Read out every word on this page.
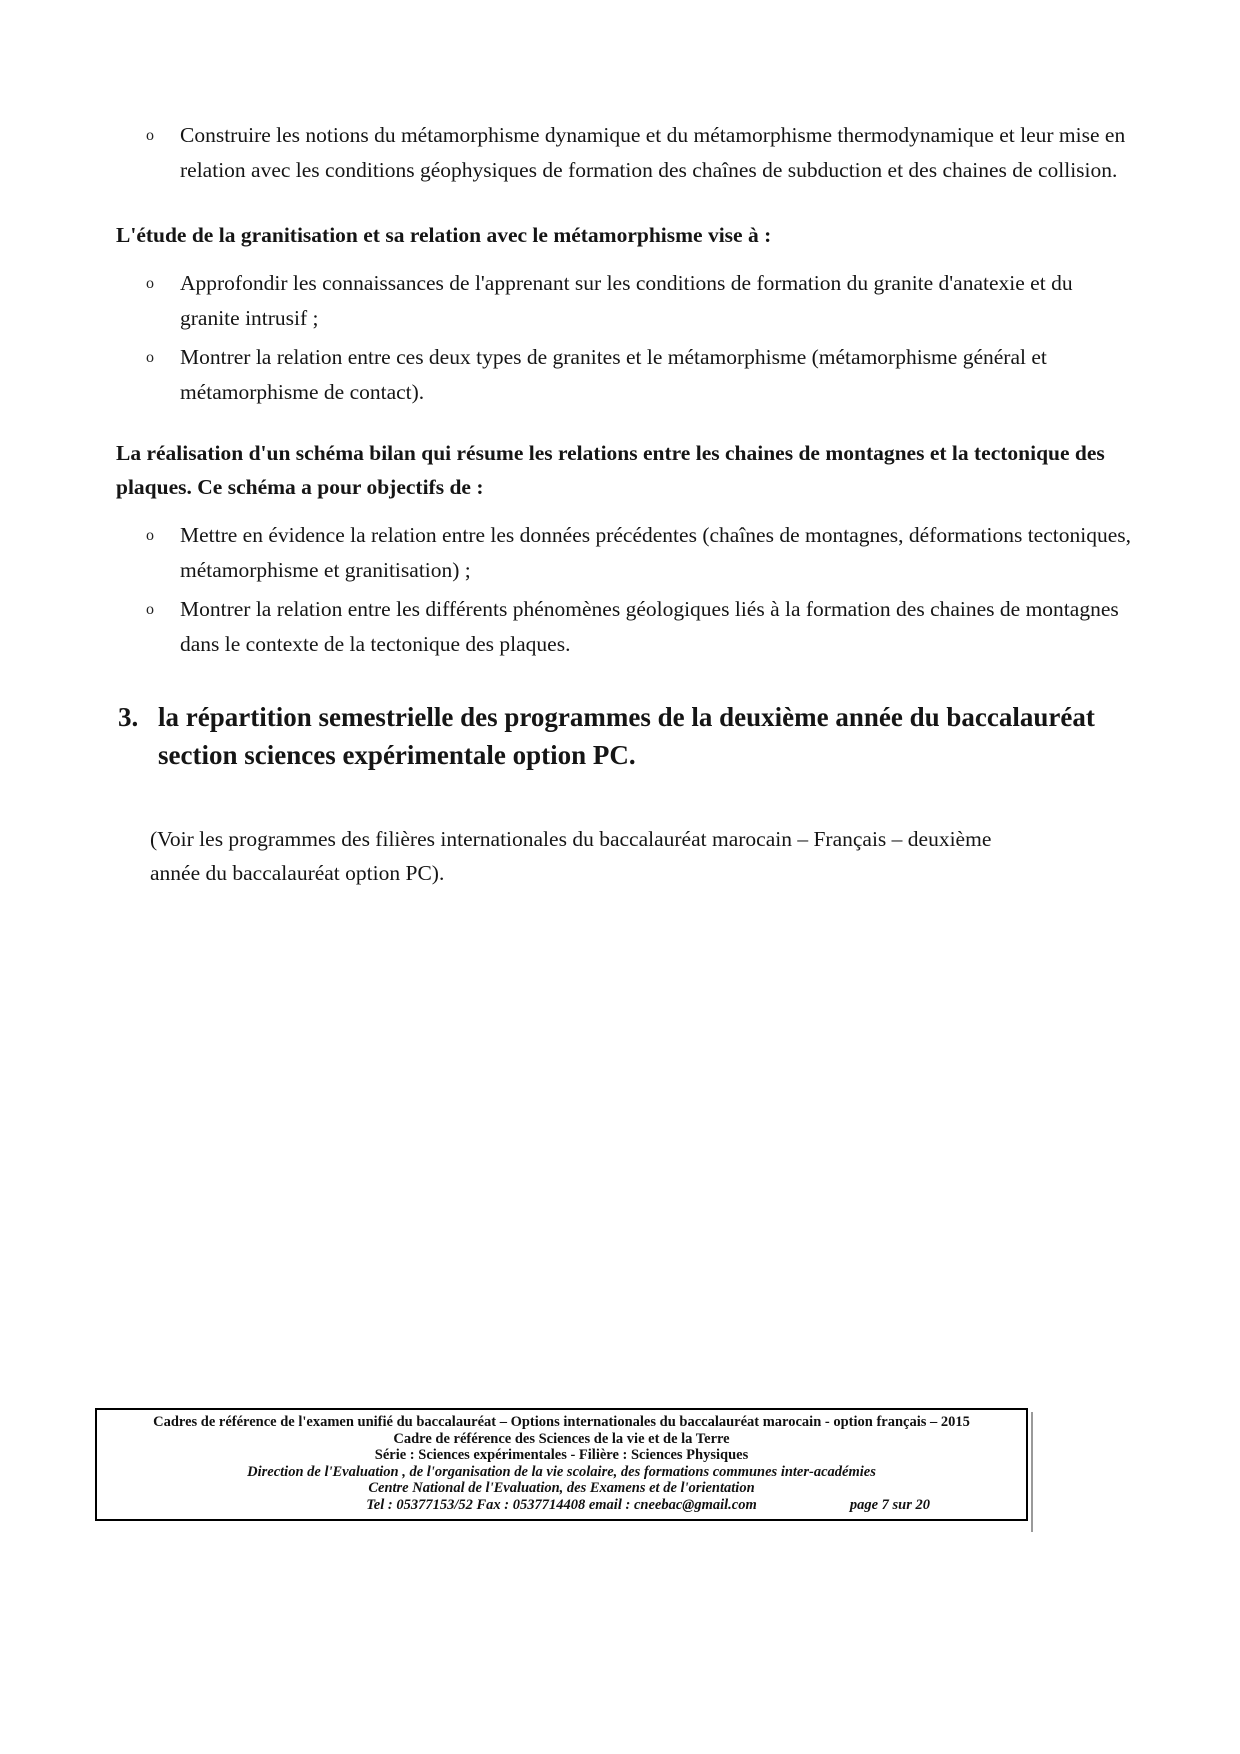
o	Construire les notions du métamorphisme dynamique et du métamorphisme thermodynamique et leur mise en relation avec les conditions géophysiques de formation des chaînes de subduction et des chaines de collision.
L'étude de la granitisation et sa relation avec le métamorphisme vise à :
o	Approfondir les connaissances de l'apprenant sur les conditions de formation du granite d'anatexie et du granite intrusif ;
o	Montrer la relation entre ces deux types de granites et le métamorphisme (métamorphisme général et métamorphisme de contact).
La réalisation d'un schéma bilan qui résume les relations entre les chaines de montagnes et la tectonique des plaques. Ce schéma a pour objectifs de :
o	Mettre en évidence la relation entre les données précédentes (chaînes de montagnes, déformations tectoniques, métamorphisme et granitisation) ;
o	Montrer la relation entre les différents phénomènes géologiques liés à la formation des chaines de montagnes dans le contexte de la tectonique des plaques.
3. la répartition semestrielle des programmes de la deuxième année du baccalauréat section sciences expérimentale option PC.
(Voir les programmes des filières internationales du baccalauréat marocain – Français – deuxième année du baccalauréat option PC).
Cadres de référence de l'examen unifié du baccalauréat – Options internationales du baccalauréat marocain - option français – 2015
Cadre de référence des Sciences de la vie et de la Terre
Série : Sciences expérimentales - Filière : Sciences Physiques
Direction de l'Evaluation , de l'organisation de la vie scolaire, des formations communes inter-académies
Centre National de l'Evaluation, des Examens et de l'orientation
Tel : 05377153/52 Fax : 0537714408 email : cneebac@gmail.com	page 7 sur 20
